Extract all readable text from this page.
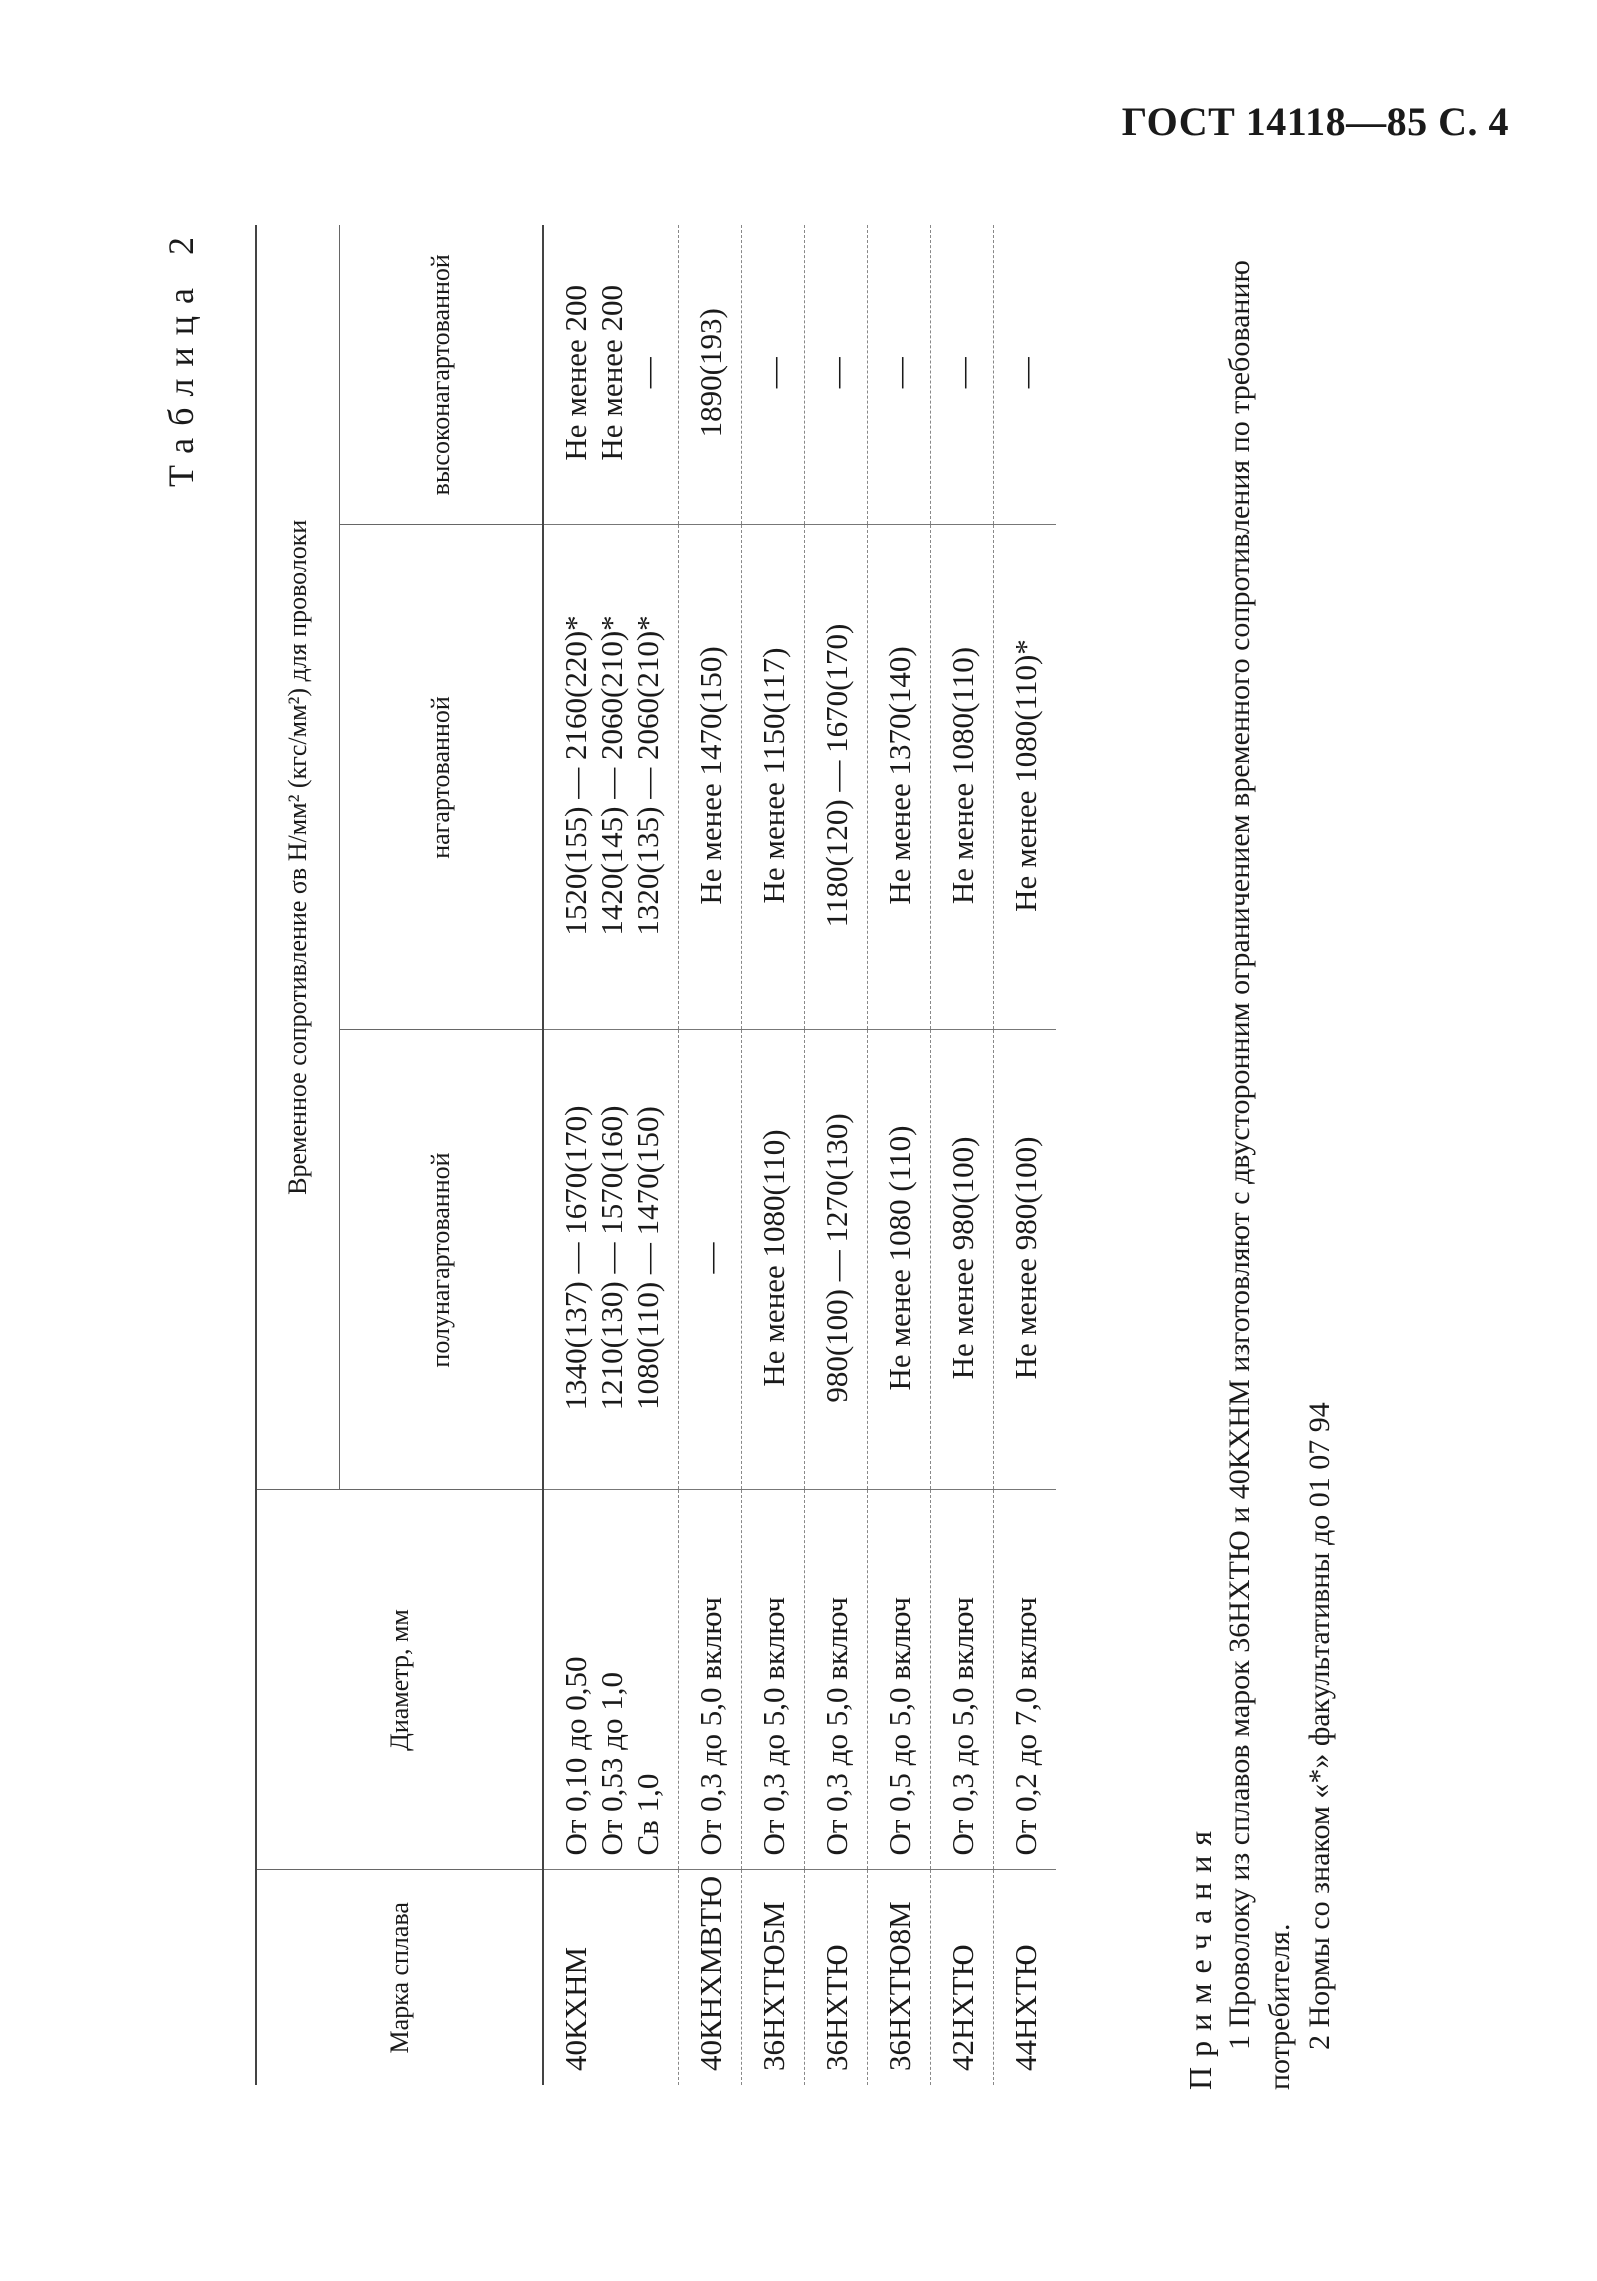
ГОСТ 14118—85 С. 4
Таблица 2
Марка сплава	Диаметр, мм	Временное сопротивление σв Н/мм² (кгс/мм²) для проволоки		
		полунагартованной	нагартованной	высоконагартованной
40КХНМ	От 0,10 до 0,50 От 0,53 до 1,0 Св 1,0	1340(137) — 1670(170) 1210(130) — 1570(160) 1080(110) — 1470(150)	1520(155) — 2160(220)* 1420(145) — 2060(210)* 1320(135) — 2060(210)*	Не менее 200 Не менее 200 —

40КНХМВТЮ	От 0,3 до 5,0 включ	—	Не менее 1470(150)	1890(193)

36НХТЮ5М	От 0,3 до 5,0 включ	Не менее 1080(110)	Не менее 1150(117)	—

36НХТЮ	От 0,3 до 5,0 включ	980(100) — 1270(130)	1180(120) — 1670(170)	—

36НХТЮ8М	От 0,5 до 5,0 включ	Не менее 1080 (110)	Не менее 1370(140)	—

42НХТЮ	От 0,3 до 5,0 включ	Не менее 980(100)	Не менее 1080(110)	—

44НХТЮ	От 0,2 до 7,0 включ	Не менее 980(100)	Не менее 1080(110)*	—

Примечания 1 Проволоку из сплавов марок 36НХТЮ и 40КХНМ изготовляют с двусторонним ограничением временного сопротивления по требованию потребителя. 2 Нормы со знаком «*» факультативны до 01 07 94
